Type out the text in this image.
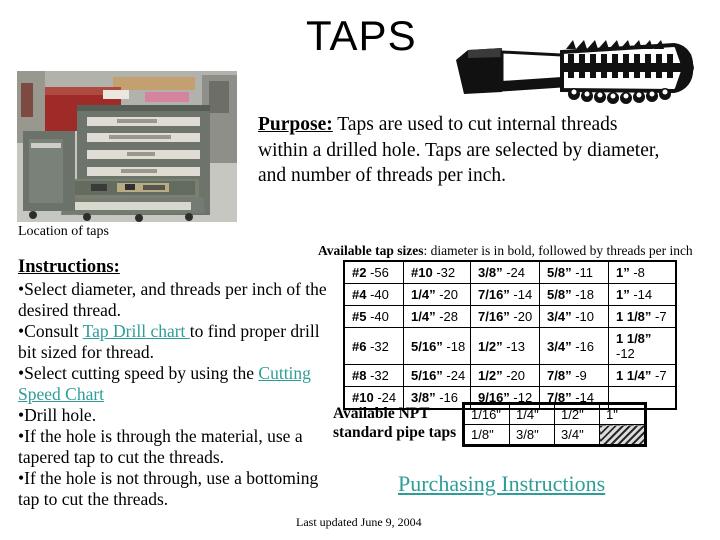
TAPS
Location of taps
Purpose: Taps are used to cut internal threads
within a drilled hole. Taps are selected by diameter,
and number of threads per inch.
Instructions:
•Select diameter, and threads per inch of the desired thread.
•Consult Tap Drill chart to find proper drill bit sized for thread.
•Select cutting speed by using the Cutting Speed Chart
•Drill hole.
•If the hole is through the material, use a tapered tap to cut the threads.
•If the hole is not through, use a bottoming tap to cut the threads.
Available tap sizes: diameter is in bold, followed by threads per inch
#2 -56	#10 -32	3/8” -24	5/8” -11	1” -8
#4 -40	1/4” -20	7/16” -14	5/8” -18	1” -14
#5 -40	1/4” -28	7/16” -20	3/4” -10	1 1/8” -7
#6 -32	5/16” -18	1/2” -13	3/4” -16	1 1/8” -12
#8 -32	5/16” -24	1/2” -20	7/8” -9	1 1/4” -7
#10 -24	3/8” -16	9/16” -12	7/8” -14	
Available NPT
standard pipe taps
1/16"	1/4"	1/2"	1"
1/8"	3/8"	3/4"	
Purchasing Instructions
Last updated June 9, 2004
